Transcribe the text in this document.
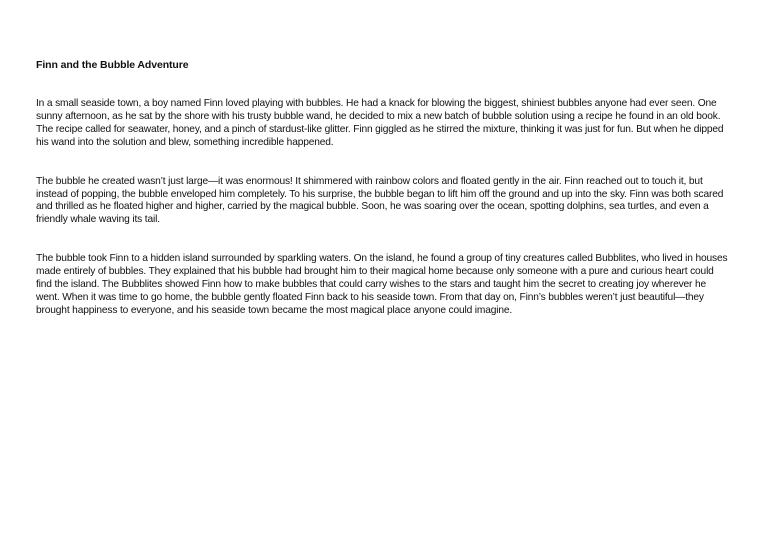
Finn and the Bubble Adventure

In a small seaside town, a boy named Finn loved playing with bubbles. He had a knack for blowing the biggest, shiniest bubbles anyone had ever seen. One sunny afternoon, as he sat by the shore with his trusty bubble wand, he decided to mix a new batch of bubble solution using a recipe he found in an old book. The recipe called for seawater, honey, and a pinch of stardust-like glitter. Finn giggled as he stirred the mixture, thinking it was just for fun. But when he dipped his wand into the solution and blew, something incredible happened.

The bubble he created wasn’t just large—it was enormous! It shimmered with rainbow colors and floated gently in the air. Finn reached out to touch it, but instead of popping, the bubble enveloped him completely. To his surprise, the bubble began to lift him off the ground and up into the sky. Finn was both scared and thrilled as he floated higher and higher, carried by the magical bubble. Soon, he was soaring over the ocean, spotting dolphins, sea turtles, and even a friendly whale waving its tail.

The bubble took Finn to a hidden island surrounded by sparkling waters. On the island, he found a group of tiny creatures called Bubblites, who lived in houses made entirely of bubbles. They explained that his bubble had brought him to their magical home because only someone with a pure and curious heart could find the island. The Bubblites showed Finn how to make bubbles that could carry wishes to the stars and taught him the secret to creating joy wherever he went. When it was time to go home, the bubble gently floated Finn back to his seaside town. From that day on, Finn’s bubbles weren’t just beautiful—they brought happiness to everyone, and his seaside town became the most magical place anyone could imagine.
